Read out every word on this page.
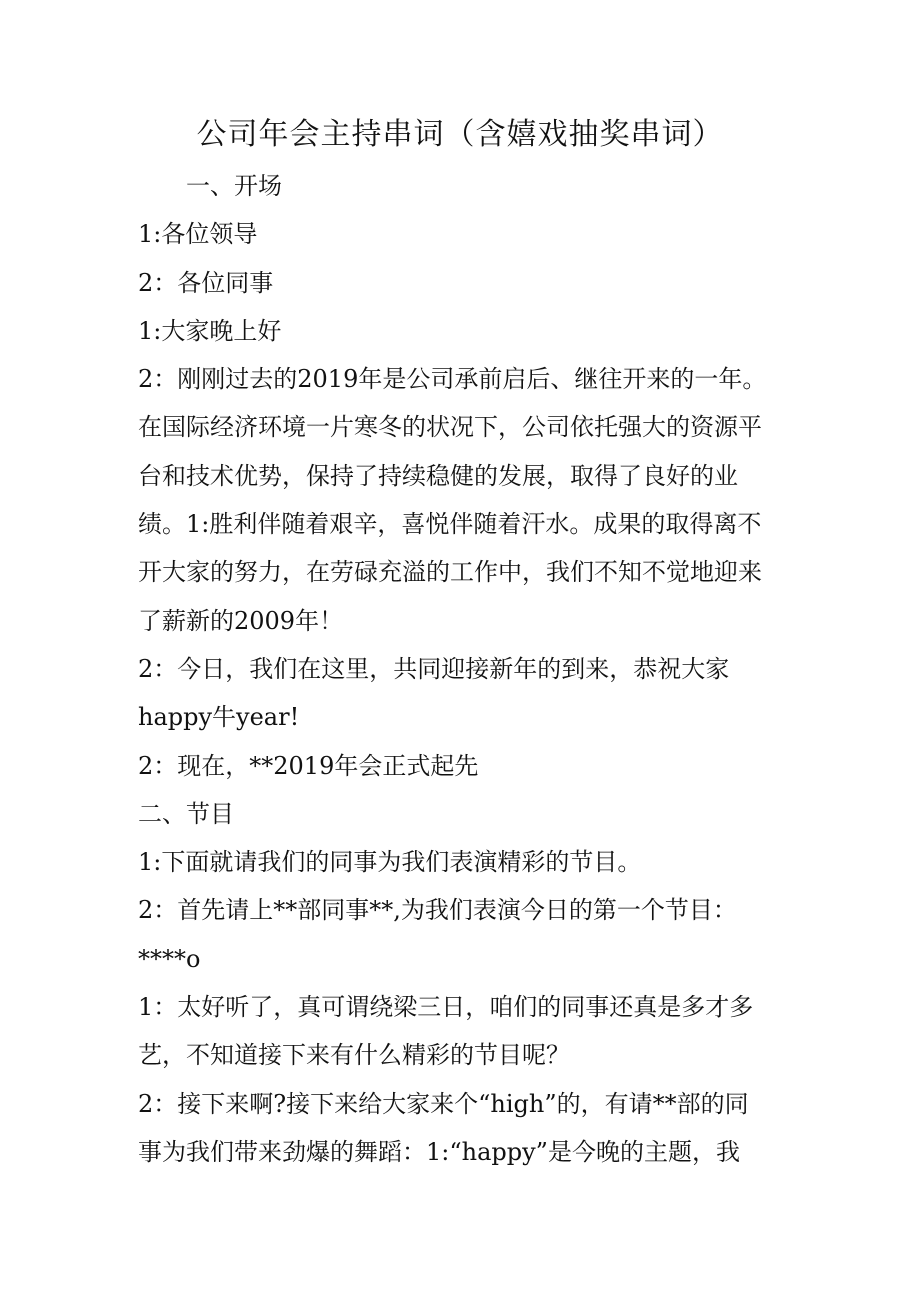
公司年会主持串词（含嬉戏抽奖串词）
一、开场
1:各位领导
2：各位同事
1:大家晚上好
2：刚刚过去的2019年是公司承前启后、继往开来的一年。
在国际经济环境一片寒冬的状况下，公司依托强大的资源平
台和技术优势，保持了持续稳健的发展，取得了良好的业
绩。1:胜利伴随着艰辛，喜悦伴随着汗水。成果的取得离不
开大家的努力，在劳碌充溢的工作中，我们不知不觉地迎来
了薪新的2009年！
2：今日，我们在这里，共同迎接新年的到来，恭祝大家
happy牛year!
2：现在，**2019年会正式起先
二、节目
1:下面就请我们的同事为我们表演精彩的节目。
2：首先请上**部同事**,为我们表演今日的第一个节目：
****o
1：太好听了，真可谓绕梁三日，咱们的同事还真是多才多
艺，不知道接下来有什么精彩的节目呢？
2：接下来啊?接下来给大家来个“high”的，有请**部的同
事为我们带来劲爆的舞蹈：1:“happy”是今晚的主题，我
